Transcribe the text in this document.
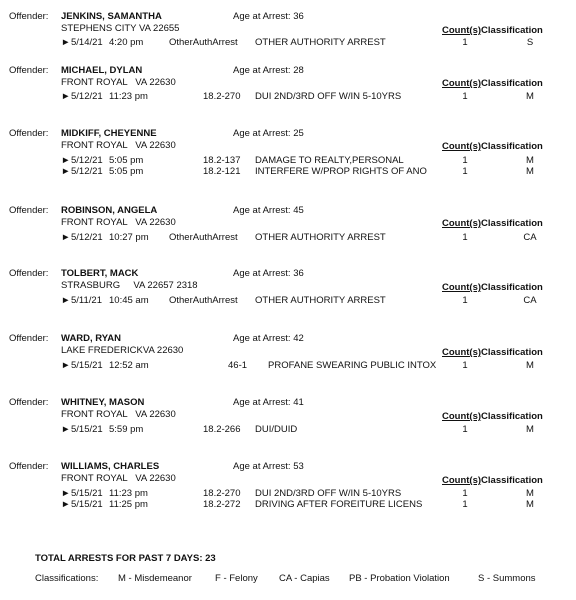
Offender: JENKINS, SAMANTHA	Age at Arrest: 36
STEPHENS CITY VA 22655	Count(s)Classification
► 5/14/21 4:20 pm	OtherAuthArrest OTHER AUTHORITY ARREST	1	S
Offender: MICHAEL, DYLAN	Age at Arrest: 28
FRONT ROYAL   VA 22630	Count(s)Classification
► 5/12/21 11:23 pm	18.2-270 DUI 2ND/3RD OFF W/IN 5-10YRS	1	M
Offender: MIDKIFF, CHEYENNE	Age at Arrest: 25
FRONT ROYAL   VA 22630	Count(s)Classification
► 5/12/21 5:05 pm	18.2-137 DAMAGE TO REALTY,PERSONAL	1	M
► 5/12/21 5:05 pm	18.2-121 INTERFERE W/PROP RIGHTS OF ANO	1	M
Offender: ROBINSON, ANGELA	Age at Arrest: 45
FRONT ROYAL   VA 22630	Count(s)Classification
► 5/12/21 10:27 pm OtherAuthArrest OTHER AUTHORITY ARREST	1	CA
Offender: TOLBERT, MACK	Age at Arrest: 36
STRASBURG     VA 22657 2318	Count(s)Classification
► 5/11/21 10:45 am OtherAuthArrest OTHER AUTHORITY ARREST	1	CA
Offender: WARD, RYAN	Age at Arrest: 42
LAKE FREDERICKVA 22630	Count(s)Classification
► 5/15/21 12:52 am	46-1 PROFANE SWEARING PUBLIC INTOX	1	M
Offender: WHITNEY, MASON	Age at Arrest: 41
FRONT ROYAL   VA 22630	Count(s)Classification
► 5/15/21 5:59 pm	18.2-266 DUI/DUID	1	M
Offender: WILLIAMS, CHARLES	Age at Arrest: 53
FRONT ROYAL   VA 22630	Count(s)Classification
► 5/15/21 11:23 pm	18.2-270 DUI 2ND/3RD OFF W/IN 5-10YRS	1	M
► 5/15/21 11:25 pm	18.2-272 DRIVING AFTER FOREITURE LICENS	1	M
TOTAL ARRESTS FOR PAST 7 DAYS: 23
Classifications: M - Misdemeanor F - Felony CA - Capias PB - Probation Violation	S - Summons
